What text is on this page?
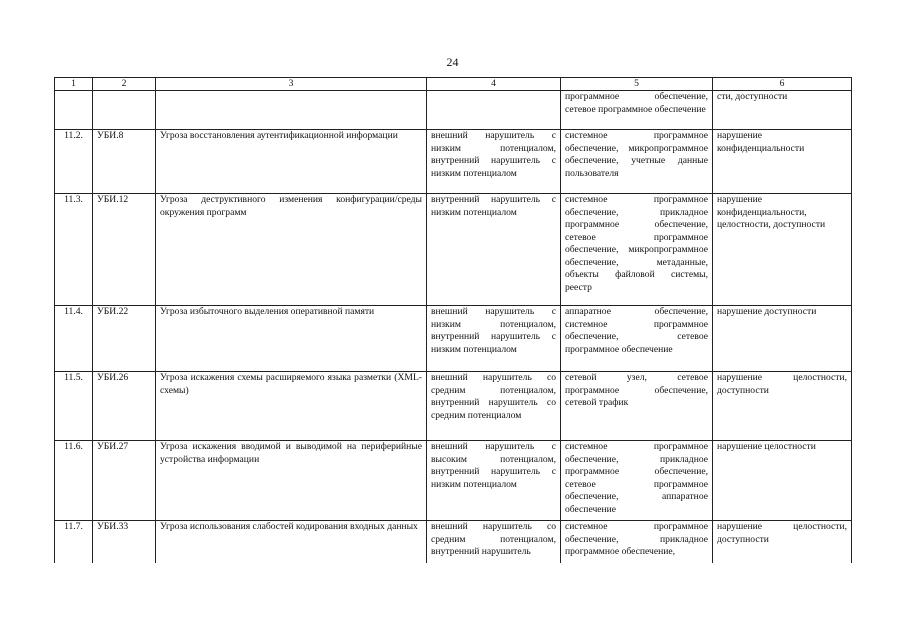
24
1	2	3	4	5	6
				программное обеспечение, сетевое программное обеспечение	сти, доступности
11.2.	УБИ.8	Угроза восстановления аутентификационной информации	внешний нарушитель с низким потенциалом, внутренний нарушитель с низким потенциалом	системное программное обеспечение, микропрограммное обеспечение, учетные данные пользователя	нарушение конфиденциальности
11.3.	УБИ.12	Угроза деструктивного изменения конфигурации/среды окружения программ	внутренний нарушитель с низким потенциалом	системное программное обеспечение, прикладное программное обеспечение, сетевое программное обеспечение, микропрограммное обеспечение, метаданные, объекты файловой системы, реестр	нарушение конфиденциальности, целостности, доступности
11.4.	УБИ.22	Угроза избыточного выделения оперативной памяти	внешний нарушитель с низким потенциалом, внутренний нарушитель с низким потенциалом	аппаратное обеспечение, системное программное обеспечение, сетевое программное обеспечение	нарушение доступности
11.5.	УБИ.26	Угроза искажения схемы расширяемого языка разметки (XML-схемы)	внешний нарушитель со средним потенциалом, внутренний нарушитель со средним потенциалом	сетевой узел, сетевое программное обеспечение, сетевой трафик	нарушение целостности, доступности
11.6.	УБИ.27	Угроза искажения вводимой и выводимой на периферийные устройства информации	внешний нарушитель с высоким потенциалом, внутренний нарушитель с низким потенциалом	системное программное обеспечение, прикладное программное обеспечение, сетевое программное обеспечение, аппаратное обеспечение	нарушение целостности
11.7.	УБИ.33	Угроза использования слабостей кодирования входных данных	внешний нарушитель со средним потенциалом, внутренний нарушитель	системное программное обеспечение, прикладное программное обеспечение,	нарушение целостности, доступности
